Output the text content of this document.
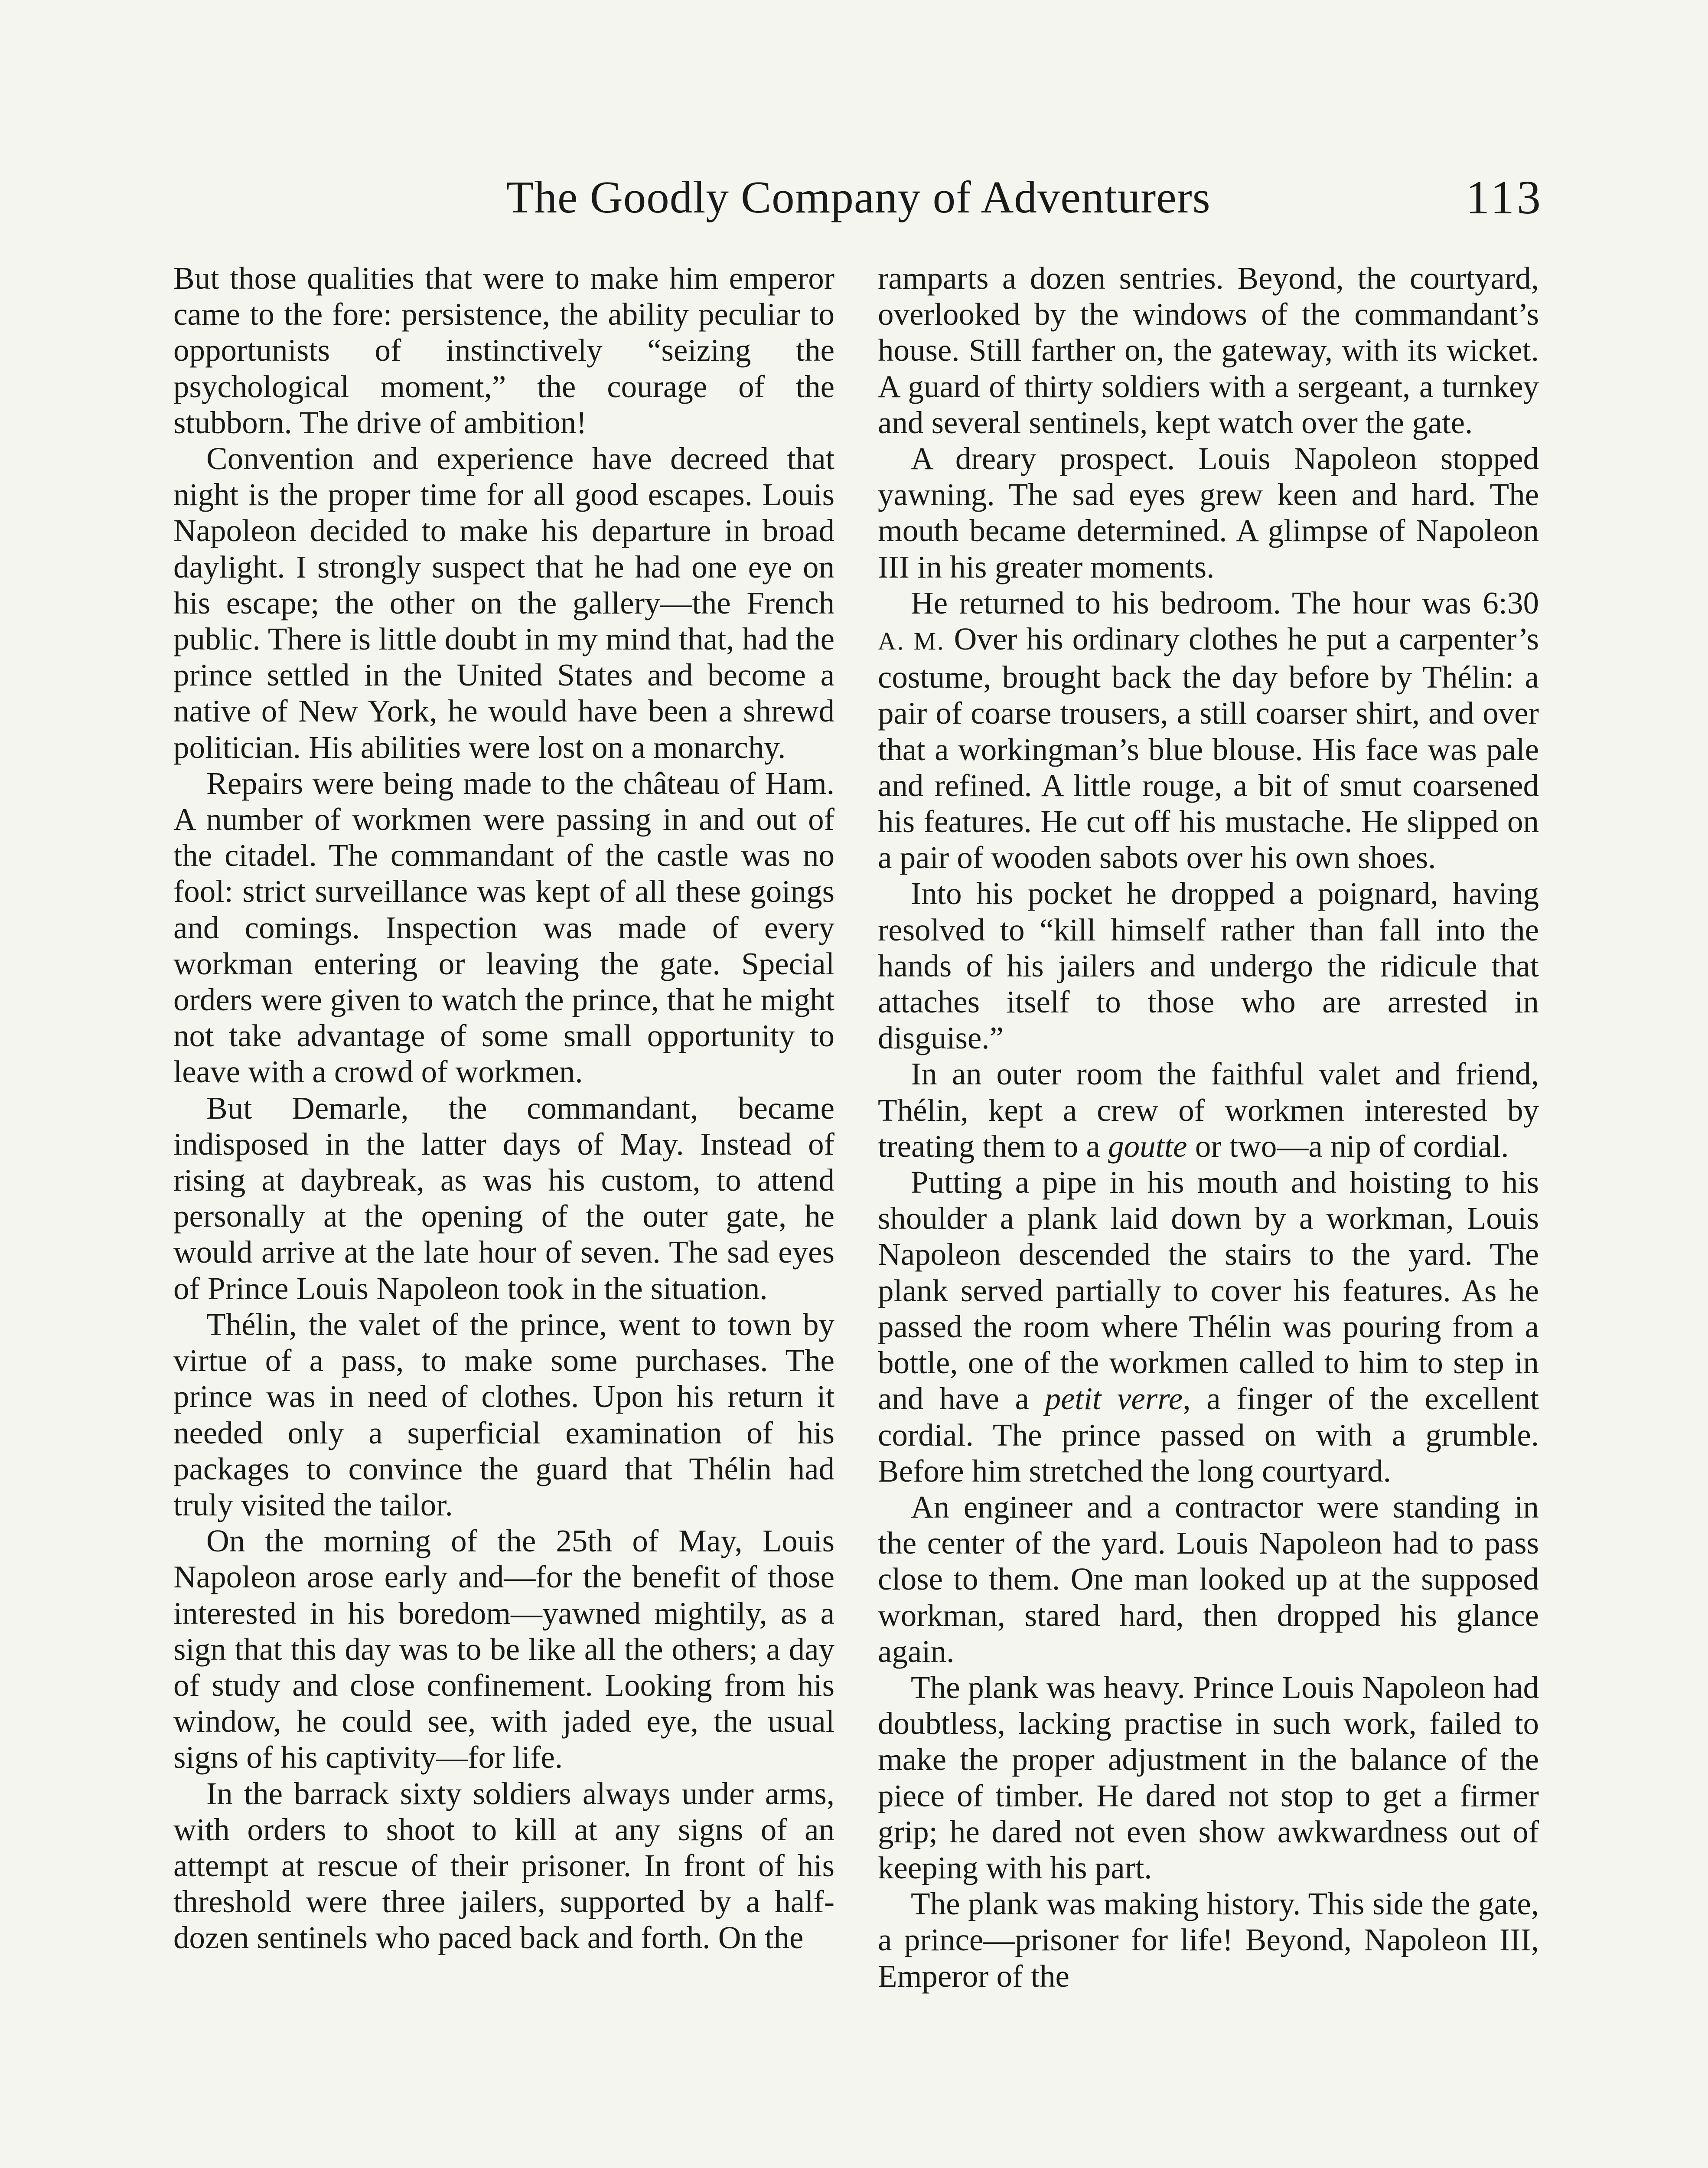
The Goodly Company of Adventurers	113

But those qualities that were to make him emperor came to the fore: persistence, the ability peculiar to opportunists of instinctively “seizing the psychological moment,” the courage of the stubborn. The drive of ambition!

Convention and experience have decreed that night is the proper time for all good escapes. Louis Napoleon decided to make his departure in broad daylight. I strongly suspect that he had one eye on his escape; the other on the gallery—the French public. There is little doubt in my mind that, had the prince settled in the United States and become a native of New York, he would have been a shrewd politician. His abilities were lost on a monarchy.

Repairs were being made to the château of Ham. A number of workmen were passing in and out of the citadel. The commandant of the castle was no fool: strict surveillance was kept of all these goings and comings. Inspection was made of every workman entering or leaving the gate. Special orders were given to watch the prince, that he might not take advantage of some small opportunity to leave with a crowd of workmen.

But Demarle, the commandant, became indisposed in the latter days of May. Instead of rising at daybreak, as was his custom, to attend personally at the opening of the outer gate, he would arrive at the late hour of seven. The sad eyes of Prince Louis Napoleon took in the situation.

Thélin, the valet of the prince, went to town by virtue of a pass, to make some purchases. The prince was in need of clothes. Upon his return it needed only a superficial examination of his packages to convince the guard that Thélin had truly visited the tailor.

On the morning of the 25th of May, Louis Napoleon arose early and—for the benefit of those interested in his boredom—yawned mightily, as a sign that this day was to be like all the others; a day of study and close confinement. Looking from his window, he could see, with jaded eye, the usual signs of his captivity—for life.

In the barrack sixty soldiers always under arms, with orders to shoot to kill at any signs of an attempt at rescue of their prisoner. In front of his threshold were three jailers, supported by a half-dozen sentinels who paced back and forth. On the

ramparts a dozen sentries. Beyond, the courtyard, overlooked by the windows of the commandant’s house. Still farther on, the gateway, with its wicket. A guard of thirty soldiers with a sergeant, a turnkey and several sentinels, kept watch over the gate.

A dreary prospect. Louis Napoleon stopped yawning. The sad eyes grew keen and hard. The mouth became determined. A glimpse of Napoleon III in his greater moments.

He returned to his bedroom. The hour was 6:30 A. M. Over his ordinary clothes he put a carpenter’s costume, brought back the day before by Thélin: a pair of coarse trousers, a still coarser shirt, and over that a workingman’s blue blouse. His face was pale and refined. A little rouge, a bit of smut coarsened his features. He cut off his mustache. He slipped on a pair of wooden sabots over his own shoes.

Into his pocket he dropped a poignard, having resolved to “kill himself rather than fall into the hands of his jailers and undergo the ridicule that attaches itself to those who are arrested in disguise.”

In an outer room the faithful valet and friend, Thélin, kept a crew of workmen interested by treating them to a goutte or two—a nip of cordial.

Putting a pipe in his mouth and hoisting to his shoulder a plank laid down by a workman, Louis Napoleon descended the stairs to the yard. The plank served partially to cover his features. As he passed the room where Thélin was pouring from a bottle, one of the workmen called to him to step in and have a petit verre, a finger of the excellent cordial. The prince passed on with a grumble. Before him stretched the long courtyard.

An engineer and a contractor were standing in the center of the yard. Louis Napoleon had to pass close to them. One man looked up at the supposed workman, stared hard, then dropped his glance again.

The plank was heavy. Prince Louis Napoleon had doubtless, lacking practise in such work, failed to make the proper adjustment in the balance of the piece of timber. He dared not stop to get a firmer grip; he dared not even show awkwardness out of keeping with his part.

The plank was making history. This side the gate, a prince—prisoner for life! Beyond, Napoleon III, Emperor of the
